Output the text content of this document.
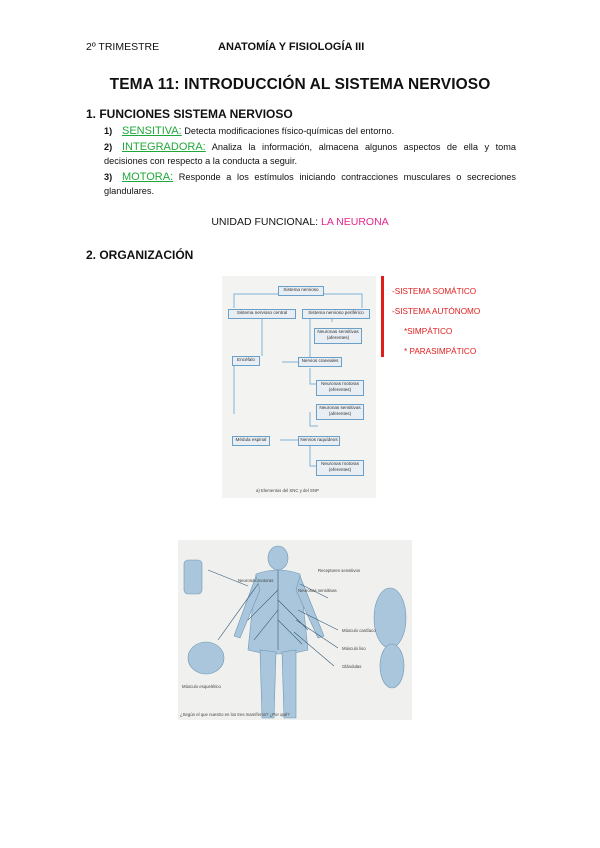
2º TRIMESTRE	ANATOMÍA Y FISIOLOGÍA III
TEMA 11: INTRODUCCIÓN AL SISTEMA NERVIOSO
1. FUNCIONES SISTEMA NERVIOSO
1) SENSITIVA: Detecta modificaciones físico-químicas del entorno.
2) INTEGRADORA: Analiza la información, almacena algunos aspectos de ella y toma decisiones con respecto a la conducta a seguir.
3) MOTORA: Responde a los estímulos iniciando contracciones musculares o secreciones glandulares.
UNIDAD FUNCIONAL: LA NEURONA
2. ORGANIZACIÓN
Sistema nervioso
Sistema nervioso central	Sistema nervioso periférico
Neuronas sensitivas (aferentes)
Encéfalo	Nervios craneales
Neuronas motoras (eferentes)
Neuronas sensitivas (aferentes)
Médula espinal	Nervios raquídeos
Neuronas motoras (eferentes)
a) Elementos del SNC y del SNP
-SISTEMA SOMÁTICO
-SISTEMA AUTÓNOMO
*SIMPÁTICO
* PARASIMPÁTICO
Receptores sensitivos
Neuronas motoras
Neuronas sensitivas
Músculo cardíaco
Músculo liso
Glándulas
Músculo esquelético
¿Según el que nuestro en los tres mamíferos? ¿Por qué?
